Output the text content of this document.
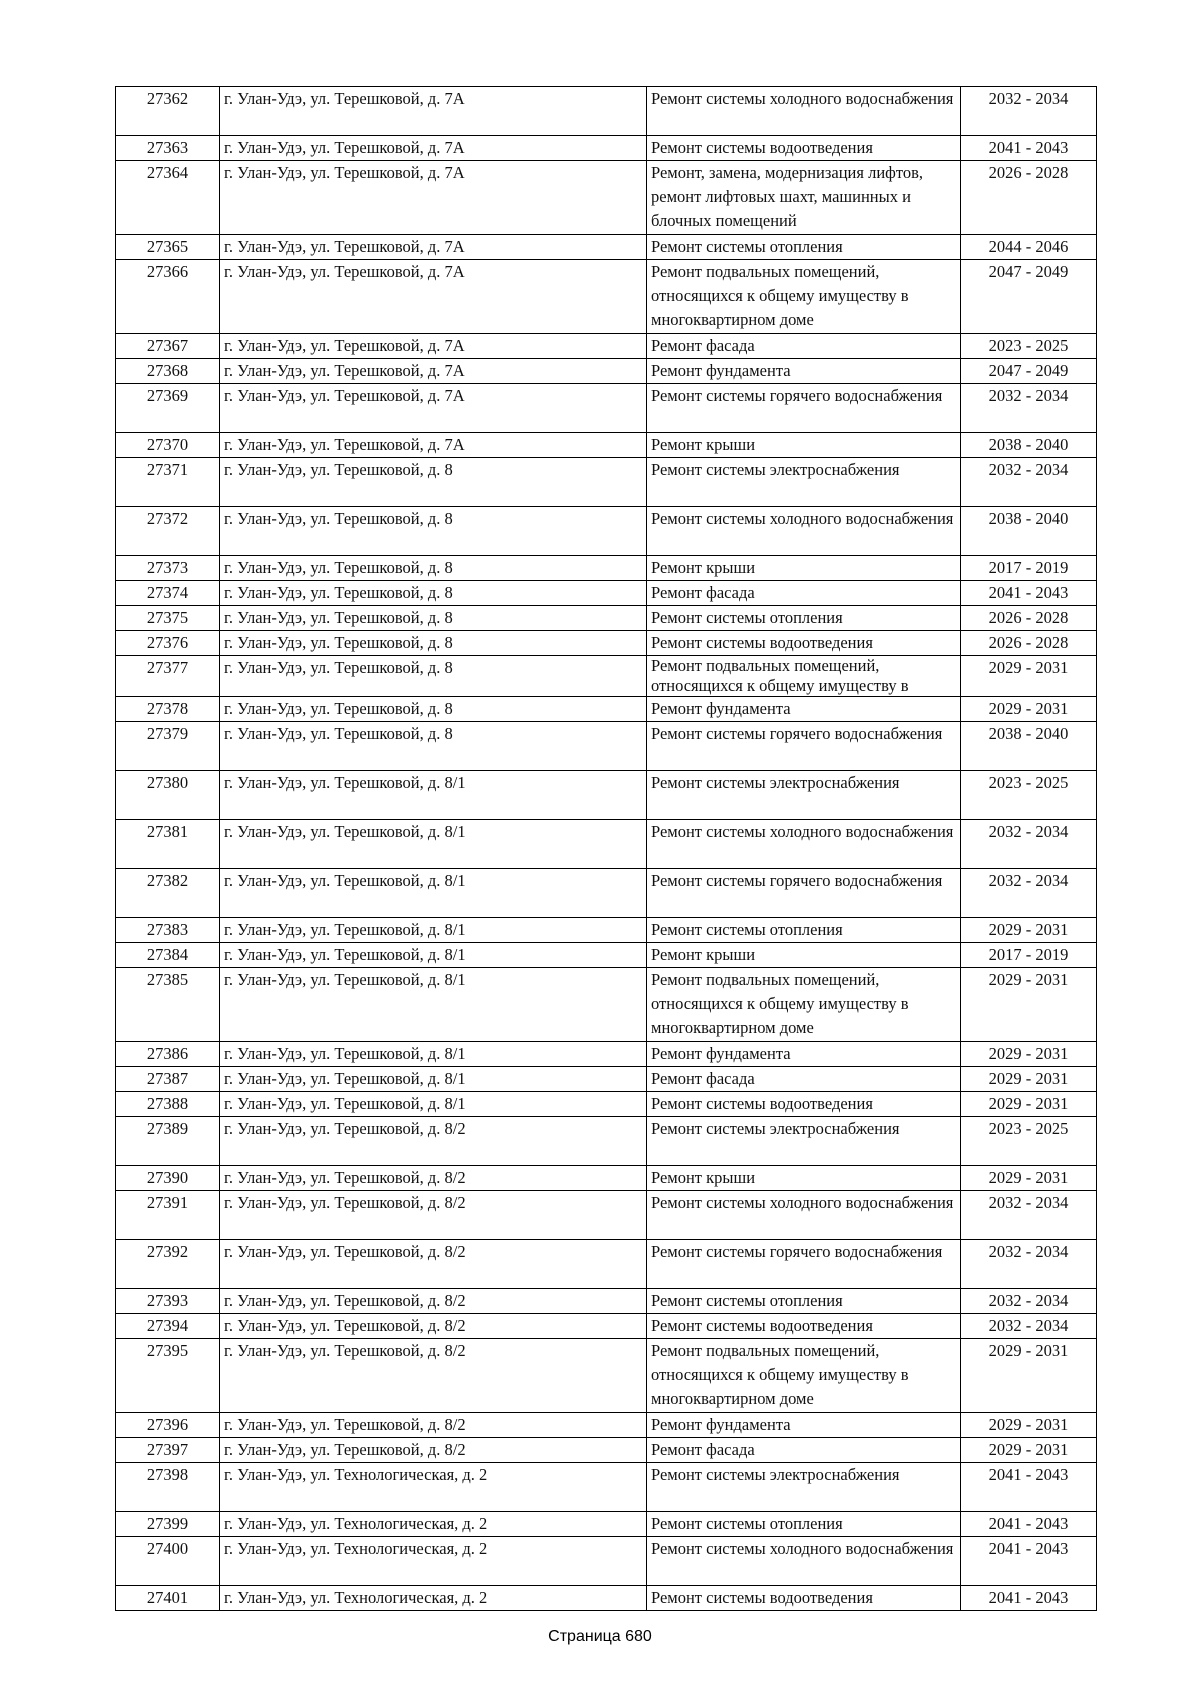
27362	г. Улан-Удэ, ул. Терешковой, д. 7А	Ремонт системы холодного водоснабжения	2032 - 2034
27363	г. Улан-Удэ, ул. Терешковой, д. 7А	Ремонт системы водоотведения	2041 - 2043
27364	г. Улан-Удэ, ул. Терешковой, д. 7А	Ремонт, замена, модернизация лифтов, ремонт лифтовых шахт, машинных и блочных помещений	2026 - 2028
27365	г. Улан-Удэ, ул. Терешковой, д. 7А	Ремонт системы отопления	2044 - 2046
27366	г. Улан-Удэ, ул. Терешковой, д. 7А	Ремонт подвальных помещений, относящихся к общему имуществу в многоквартирном доме	2047 - 2049
27367	г. Улан-Удэ, ул. Терешковой, д. 7А	Ремонт фасада	2023 - 2025
27368	г. Улан-Удэ, ул. Терешковой, д. 7А	Ремонт фундамента	2047 - 2049
27369	г. Улан-Удэ, ул. Терешковой, д. 7А	Ремонт системы горячего водоснабжения	2032 - 2034
27370	г. Улан-Удэ, ул. Терешковой, д. 7А	Ремонт крыши	2038 - 2040
27371	г. Улан-Удэ, ул. Терешковой, д. 8	Ремонт системы электроснабжения	2032 - 2034
27372	г. Улан-Удэ, ул. Терешковой, д. 8	Ремонт системы холодного водоснабжения	2038 - 2040
27373	г. Улан-Удэ, ул. Терешковой, д. 8	Ремонт крыши	2017 - 2019
27374	г. Улан-Удэ, ул. Терешковой, д. 8	Ремонт фасада	2041 - 2043
27375	г. Улан-Удэ, ул. Терешковой, д. 8	Ремонт системы отопления	2026 - 2028
27376	г. Улан-Удэ, ул. Терешковой, д. 8	Ремонт системы водоотведения	2026 - 2028
27377	г. Улан-Удэ, ул. Терешковой, д. 8	Ремонт подвальных помещений, относящихся к общему имуществу в	2029 - 2031
27378	г. Улан-Удэ, ул. Терешковой, д. 8	Ремонт фундамента	2029 - 2031
27379	г. Улан-Удэ, ул. Терешковой, д. 8	Ремонт системы горячего водоснабжения	2038 - 2040
27380	г. Улан-Удэ, ул. Терешковой, д. 8/1	Ремонт системы электроснабжения	2023 - 2025
27381	г. Улан-Удэ, ул. Терешковой, д. 8/1	Ремонт системы холодного водоснабжения	2032 - 2034
27382	г. Улан-Удэ, ул. Терешковой, д. 8/1	Ремонт системы горячего водоснабжения	2032 - 2034
27383	г. Улан-Удэ, ул. Терешковой, д. 8/1	Ремонт системы отопления	2029 - 2031
27384	г. Улан-Удэ, ул. Терешковой, д. 8/1	Ремонт крыши	2017 - 2019
27385	г. Улан-Удэ, ул. Терешковой, д. 8/1	Ремонт подвальных помещений, относящихся к общему имуществу в многоквартирном доме	2029 - 2031
27386	г. Улан-Удэ, ул. Терешковой, д. 8/1	Ремонт фундамента	2029 - 2031
27387	г. Улан-Удэ, ул. Терешковой, д. 8/1	Ремонт фасада	2029 - 2031
27388	г. Улан-Удэ, ул. Терешковой, д. 8/1	Ремонт системы водоотведения	2029 - 2031
27389	г. Улан-Удэ, ул. Терешковой, д. 8/2	Ремонт системы электроснабжения	2023 - 2025
27390	г. Улан-Удэ, ул. Терешковой, д. 8/2	Ремонт крыши	2029 - 2031
27391	г. Улан-Удэ, ул. Терешковой, д. 8/2	Ремонт системы холодного водоснабжения	2032 - 2034
27392	г. Улан-Удэ, ул. Терешковой, д. 8/2	Ремонт системы горячего водоснабжения	2032 - 2034
27393	г. Улан-Удэ, ул. Терешковой, д. 8/2	Ремонт системы отопления	2032 - 2034
27394	г. Улан-Удэ, ул. Терешковой, д. 8/2	Ремонт системы водоотведения	2032 - 2034
27395	г. Улан-Удэ, ул. Терешковой, д. 8/2	Ремонт подвальных помещений, относящихся к общему имуществу в многоквартирном доме	2029 - 2031
27396	г. Улан-Удэ, ул. Терешковой, д. 8/2	Ремонт фундамента	2029 - 2031
27397	г. Улан-Удэ, ул. Терешковой, д. 8/2	Ремонт фасада	2029 - 2031
27398	г. Улан-Удэ, ул. Технологическая, д. 2	Ремонт системы электроснабжения	2041 - 2043
27399	г. Улан-Удэ, ул. Технологическая, д. 2	Ремонт системы отопления	2041 - 2043
27400	г. Улан-Удэ, ул. Технологическая, д. 2	Ремонт системы холодного водоснабжения	2041 - 2043
27401	г. Улан-Удэ, ул. Технологическая, д. 2	Ремонт системы водоотведения	2041 - 2043
Страница 680
